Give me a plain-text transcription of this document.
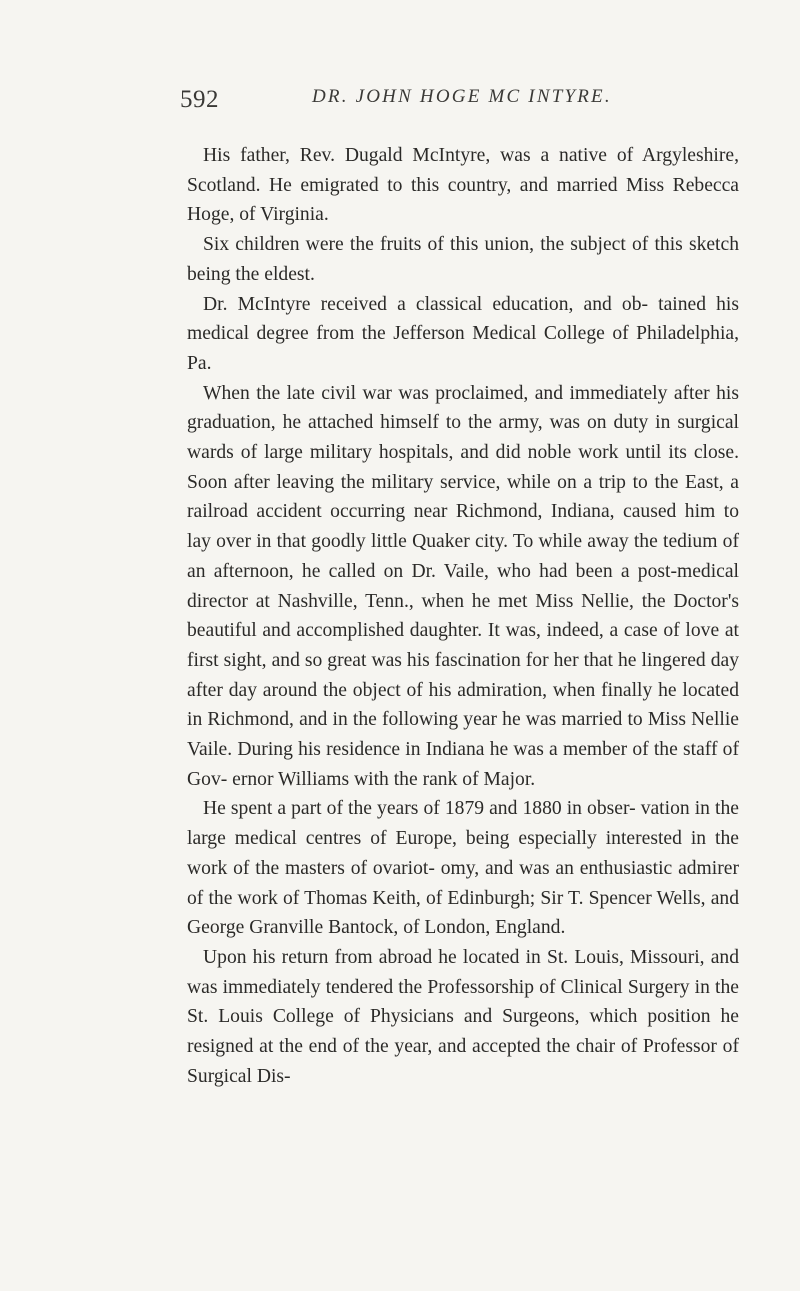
592	DR. JOHN HOGE MC INTYRE.

His father, Rev. Dugald McIntyre, was a native of Argyleshire, Scotland. He emigrated to this country, and married Miss Rebecca Hoge, of Virginia.

Six children were the fruits of this union, the subject of this sketch being the eldest.

Dr. McIntyre received a classical education, and ob- tained his medical degree from the Jefferson Medical College of Philadelphia, Pa.

When the late civil war was proclaimed, and immediately after his graduation, he attached himself to the army, was on duty in surgical wards of large military hospitals, and did noble work until its close. Soon after leaving the military service, while on a trip to the East, a railroad accident occurring near Richmond, Indiana, caused him to lay over in that goodly little Quaker city. To while away the tedium of an afternoon, he called on Dr. Vaile, who had been a post-medical director at Nashville, Tenn., when he met Miss Nellie, the Doctor's beautiful and accomplished daughter. It was, indeed, a case of love at first sight, and so great was his fascination for her that he lingered day after day around the object of his admiration, when finally he located in Richmond, and in the following year he was married to Miss Nellie Vaile. During his residence in Indiana he was a member of the staff of Gov- ernor Williams with the rank of Major.

He spent a part of the years of 1879 and 1880 in obser- vation in the large medical centres of Europe, being especially interested in the work of the masters of ovariot- omy, and was an enthusiastic admirer of the work of Thomas Keith, of Edinburgh; Sir T. Spencer Wells, and George Granville Bantock, of London, England.

Upon his return from abroad he located in St. Louis, Missouri, and was immediately tendered the Professorship of Clinical Surgery in the St. Louis College of Physicians and Surgeons, which position he resigned at the end of the year, and accepted the chair of Professor of Surgical Dis-
